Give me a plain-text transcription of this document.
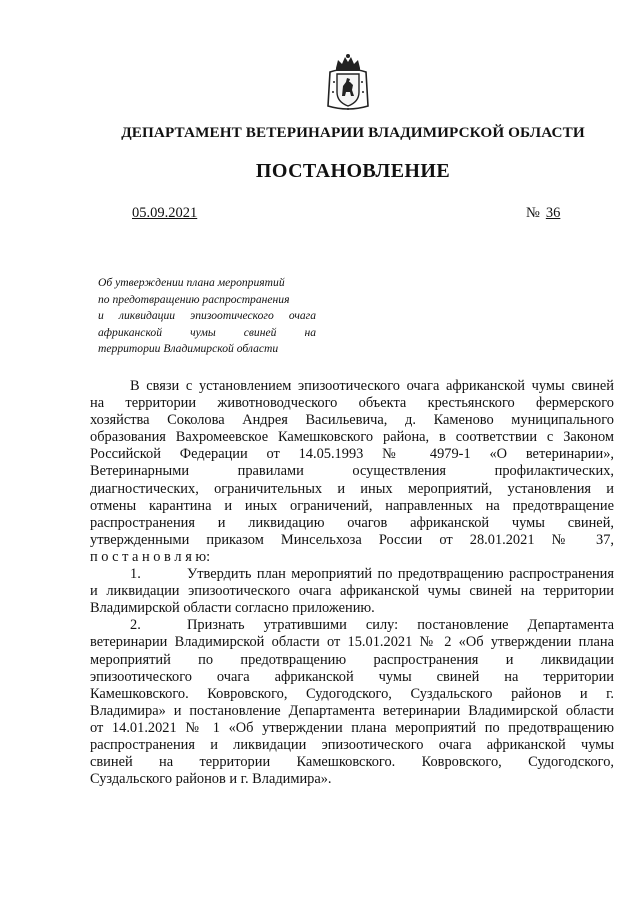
ДЕПАРТАМЕНТ ВЕТЕРИНАРИИ ВЛАДИМИРСКОЙ ОБЛАСТИ
ПОСТАНОВЛЕНИЕ
05.09.2021	№ 36
Об утверждении плана мероприятий
по предотвращению распространения
и ликвидации эпизоотического очага
африканской чумы свиней на
территории Владимирской области

В связи с установлением эпизоотического очага африканской чумы свиней
на территории животноводческого объекта крестьянского фермерского
хозяйства Соколова Андрея Васильевича, д. Каменово муниципального
образования Вахромеевское Камешковского района, в соответствии с Законом
Российской Федерации от 14.05.1993 № 4979-1 «О ветеринарии»,
Ветеринарными правилами осуществления профилактических,
диагностических, ограничительных и иных мероприятий, установления и
отмены карантина и иных ограничений, направленных на предотвращение
распространения и ликвидацию очагов африканской чумы свиней,
утвержденными приказом Минсельхоза России от 28.01.2021 № 37,
п о с т а н о в л я ю:

1.	Утвердить план мероприятий по предотвращению распространения
и ликвидации эпизоотического очага африканской чумы свиней на территории
Владимирской области согласно приложению.

2.	Признать утратившими силу: постановление Департамента
ветеринарии Владимирской области от 15.01.2021 № 2 «Об утверждении плана
мероприятий по предотвращению распространения и ликвидации
эпизоотического очага африканской чумы свиней на территории
Камешковского. Ковровского, Судогодского, Суздальского районов и г.
Владимира» и постановление Департамента ветеринарии Владимирской области
от 14.01.2021 № 1 «Об утверждении плана мероприятий по предотвращению
распространения и ликвидации эпизоотического очага африканской чумы
свиней на территории Камешковского. Ковровского, Судогодского,
Суздальского районов и г. Владимира».
